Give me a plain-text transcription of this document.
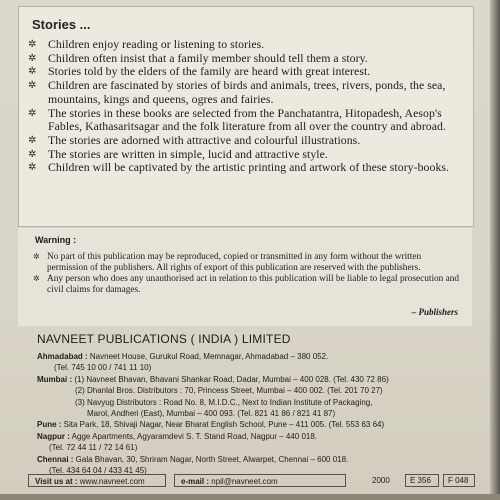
Stories ...
✲ Children enjoy reading or listening to stories.
✲ Children often insist that a family member should tell them a story.
✲ Stories told by the elders of the family are heard with great interest.
✲ Children are fascinated by stories of birds and animals, trees, rivers, ponds, the sea, mountains, kings and queens, ogres and fairies.
✲ The stories in these books are selected from the Panchatantra, Hitopadesh, Aesop's Fables, Kathasaritsagar and the folk literature from all over the country and abroad.
✲ The stories are adorned with attractive and colourful illustrations.
✲ The stories are written in simple, lucid and attractive style.
✲ Children will be captivated by the artistic printing and artwork of these story-books.
Warning :
✲ No part of this publication may be reproduced, copied or transmitted in any form without the written permission of the publishers. All rights of export of this publication are reserved with the publishers.
✲ Any person who does any unauthorised act in relation to this publication will be liable to legal prosecution and civil claims for damages.
– Publishers
NAVNEET PUBLICATIONS ( INDIA ) LIMITED
Ahmadabad : Navneet House, Gurukul Road, Memnagar, Ahmadabad – 380 052.
(Tel. 745 10 00 / 741 11 10)
Mumbai : (1) Navneet Bhavan, Bhavani Shankar Road, Dadar, Mumbai – 400 028. (Tel. 430 72 86)
(2) Dhanlal Bros. Distributors : 70, Princess Street, Mumbai – 400 002. (Tel. 201 70 27)
(3) Navyug Distributors : Road No. 8, M.I.D.C., Next to Indian Institute of Packaging,
Marol, Andheri (East), Mumbai – 400 093. (Tel. 821 41 86 / 821 41 87)
Pune : Sita Park, 18, Shivaji Nagar, Near Bharat English School, Pune – 411 005. (Tel. 553 63 64)
Nagpur : Agge Apartments, Agyaramdevi S. T. Stand Road, Nagpur – 440 018.
(Tel. 72 44 11 / 72 14 61)
Chennai : Gala Bhavan, 30, Shriram Nagar, North Street, Alwarpet, Chennai – 600 018.
(Tel. 434 64 04 / 433 41 45)
Visit us at : www.navneet.com	e-mail : npil@navneet.com	2000	E 356	F 048
